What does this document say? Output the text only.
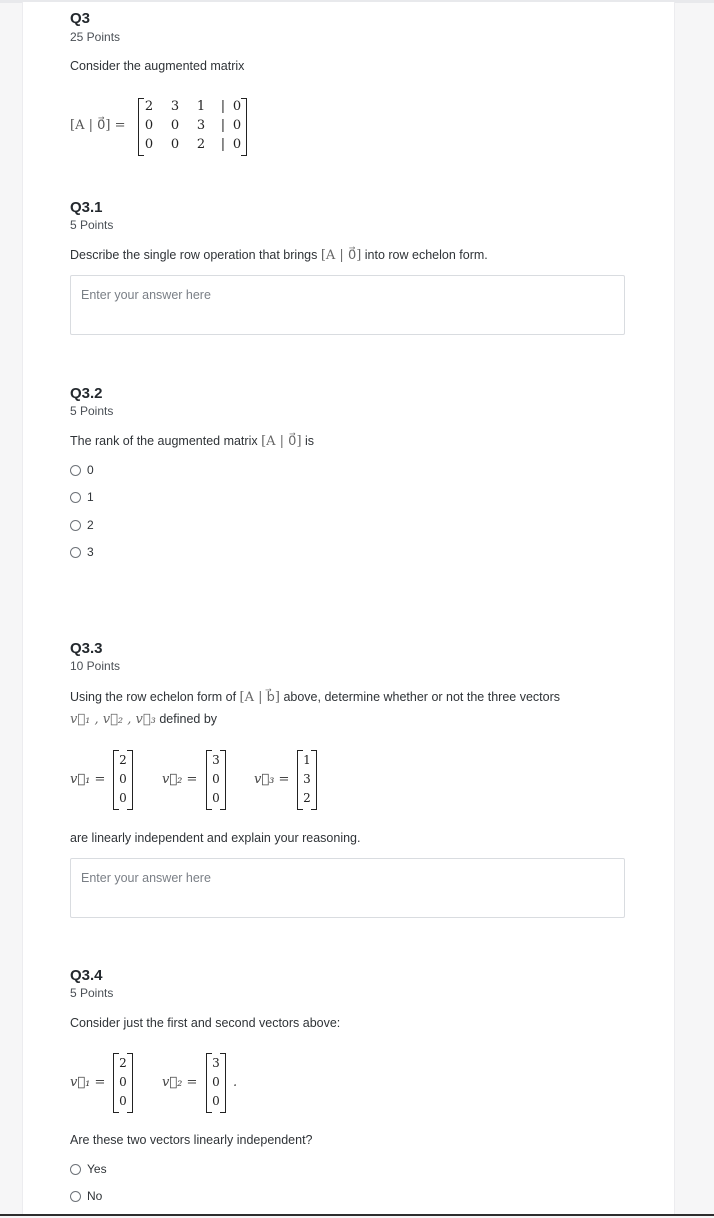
Q3
25 Points
Consider the augmented matrix
[A | 0⃗] =
2 3 1	| 0
0 0 3	| 0
0 0 2	| 0
Q3.1
5 Points
Describe the single row operation that brings [A | 0⃗] into row echelon form.
Enter your answer here
Q3.2
5 Points
The rank of the augmented matrix [A | 0⃗] is
0
1
2
3
Q3.3
10 Points
Using the row echelon form of [A | b⃗] above, determine whether or not the three vectors
v⃗₁ , v⃗₂ , v⃗₃ defined by
v⃗₁ =
2
0
0
v⃗₂ =
3
0
0
v⃗₃ =
1
3
2
are linearly independent and explain your reasoning.
Enter your answer here
Q3.4
5 Points
Consider just the first and second vectors above:
v⃗₁ =
2
0
0
v⃗₂ =
3
0
0
.
Are these two vectors linearly independent?
Yes
No
